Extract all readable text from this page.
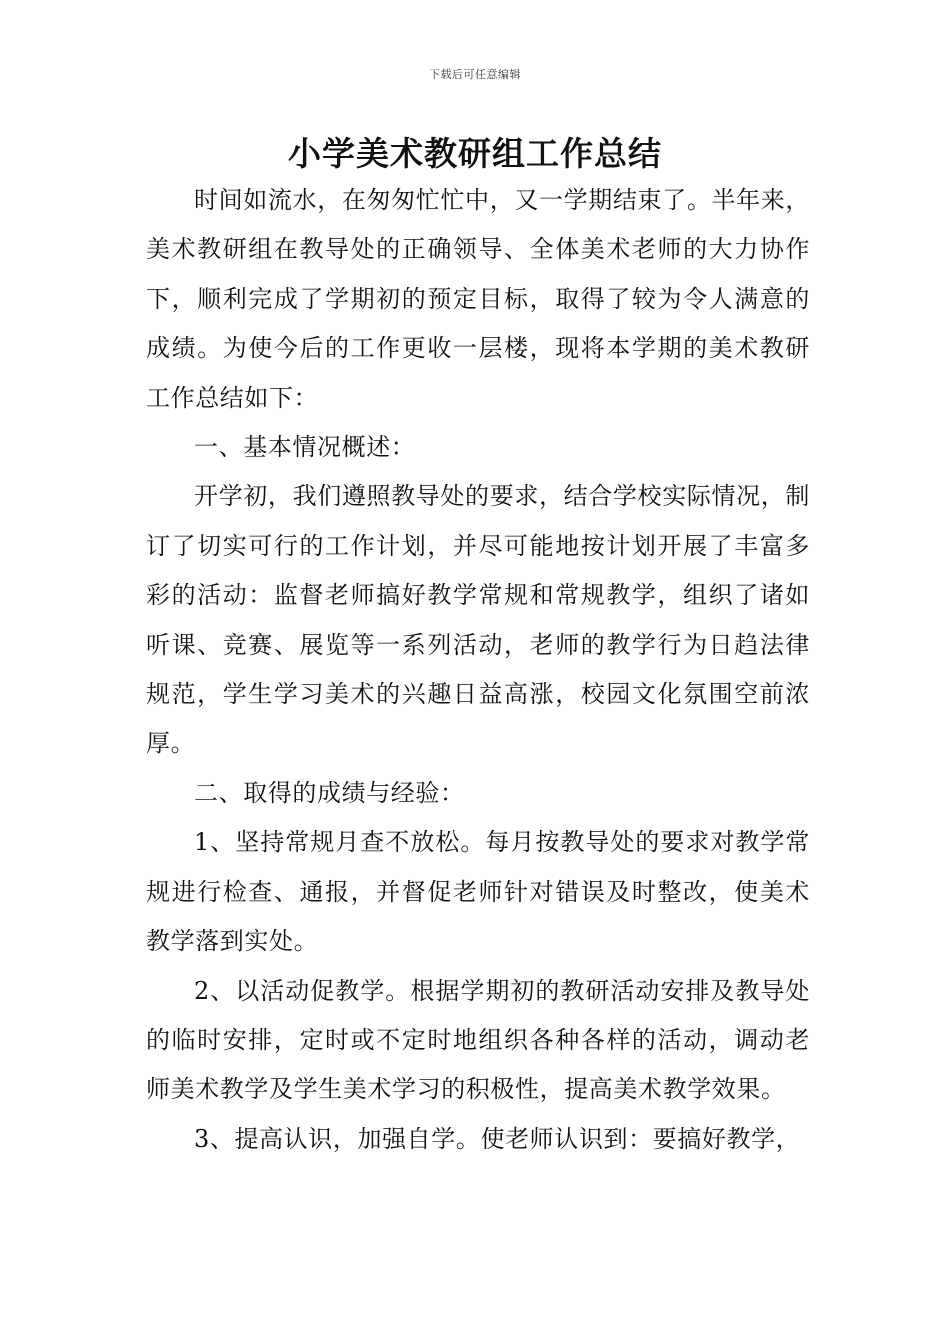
下载后可任意编辑
小学美术教研组工作总结

时间如流水，在匆匆忙忙中，又一学期结束了。半年来，美术教研组在教导处的正确领导、全体美术老师的大力协作下，顺利完成了学期初的预定目标，取得了较为令人满意的成绩。为使今后的工作更收一层楼，现将本学期的美术教研工作总结如下：

一、基本情况概述：

开学初，我们遵照教导处的要求，结合学校实际情况，制订了切实可行的工作计划，并尽可能地按计划开展了丰富多彩的活动：监督老师搞好教学常规和常规教学，组织了诸如听课、竞赛、展览等一系列活动，老师的教学行为日趋法律规范，学生学习美术的兴趣日益高涨，校园文化氛围空前浓厚。

二、取得的成绩与经验：

1、坚持常规月查不放松。每月按教导处的要求对教学常规进行检查、通报，并督促老师针对错误及时整改，使美术教学落到实处。

2、以活动促教学。根据学期初的教研活动安排及教导处的临时安排，定时或不定时地组织各种各样的活动，调动老师美术教学及学生美术学习的积极性，提高美术教学效果。

3、提高认识，加强自学。使老师认识到：要搞好教学，
